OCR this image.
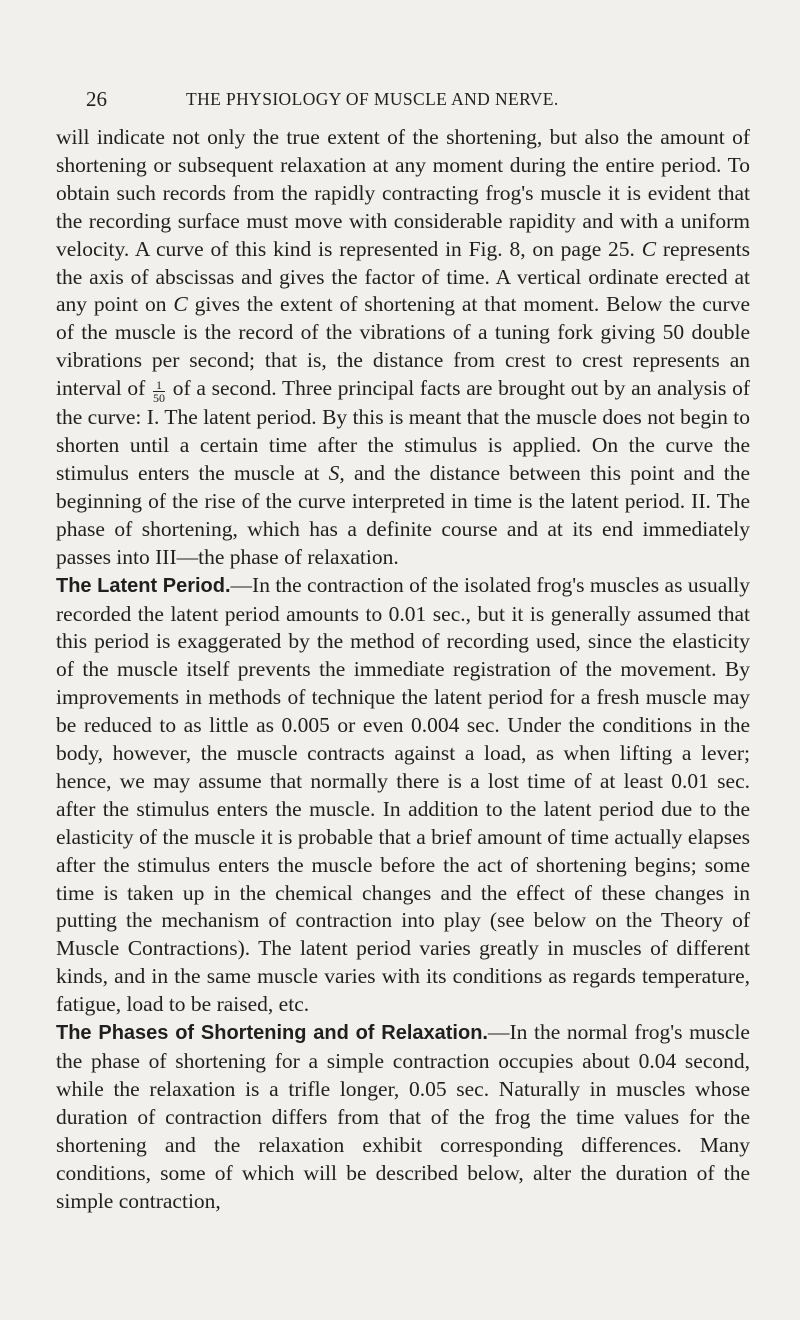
26	THE PHYSIOLOGY OF MUSCLE AND NERVE.

will indicate not only the true extent of the shortening, but also the amount of shortening or subsequent relaxation at any moment during the entire period. To obtain such records from the rapidly contracting frog's muscle it is evident that the recording surface must move with considerable rapidity and with a uniform velocity. A curve of this kind is represented in Fig. 8, on page 25. C represents the axis of abscissas and gives the factor of time. A vertical ordinate erected at any point on C gives the extent of shortening at that moment. Below the curve of the muscle is the record of the vibrations of a tuning fork giving 50 double vibrations per second; that is, the distance from crest to crest represents an interval of $\frac{1}{50}$ of a second. Three principal facts are brought out by an analysis of the curve: I. The latent period. By this is meant that the muscle does not begin to shorten until a certain time after the stimulus is applied. On the curve the stimulus enters the muscle at S, and the distance between this point and the beginning of the rise of the curve interpreted in time is the latent period. II. The phase of shortening, which has a definite course and at its end immediately passes into III—the phase of relaxation.

The Latent Period.—In the contraction of the isolated frog's muscles as usually recorded the latent period amounts to 0.01 sec., but it is generally assumed that this period is exaggerated by the method of recording used, since the elasticity of the muscle itself prevents the immediate registration of the movement. By improvements in methods of technique the latent period for a fresh muscle may be reduced to as little as 0.005 or even 0.004 sec. Under the conditions in the body, however, the muscle contracts against a load, as when lifting a lever; hence, we may assume that normally there is a lost time of at least 0.01 sec. after the stimulus enters the muscle. In addition to the latent period due to the elasticity of the muscle it is probable that a brief amount of time actually elapses after the stimulus enters the muscle before the act of shortening begins; some time is taken up in the chemical changes and the effect of these changes in putting the mechanism of contraction into play (see below on the Theory of Muscle Contractions). The latent period varies greatly in muscles of different kinds, and in the same muscle varies with its conditions as regards temperature, fatigue, load to be raised, etc.

The Phases of Shortening and of Relaxation.—In the normal frog's muscle the phase of shortening for a simple contraction occupies about 0.04 second, while the relaxation is a trifle longer, 0.05 sec. Naturally in muscles whose duration of contraction differs from that of the frog the time values for the shortening and the relaxation exhibit corresponding differences. Many conditions, some of which will be described below, alter the duration of the simple contraction,
